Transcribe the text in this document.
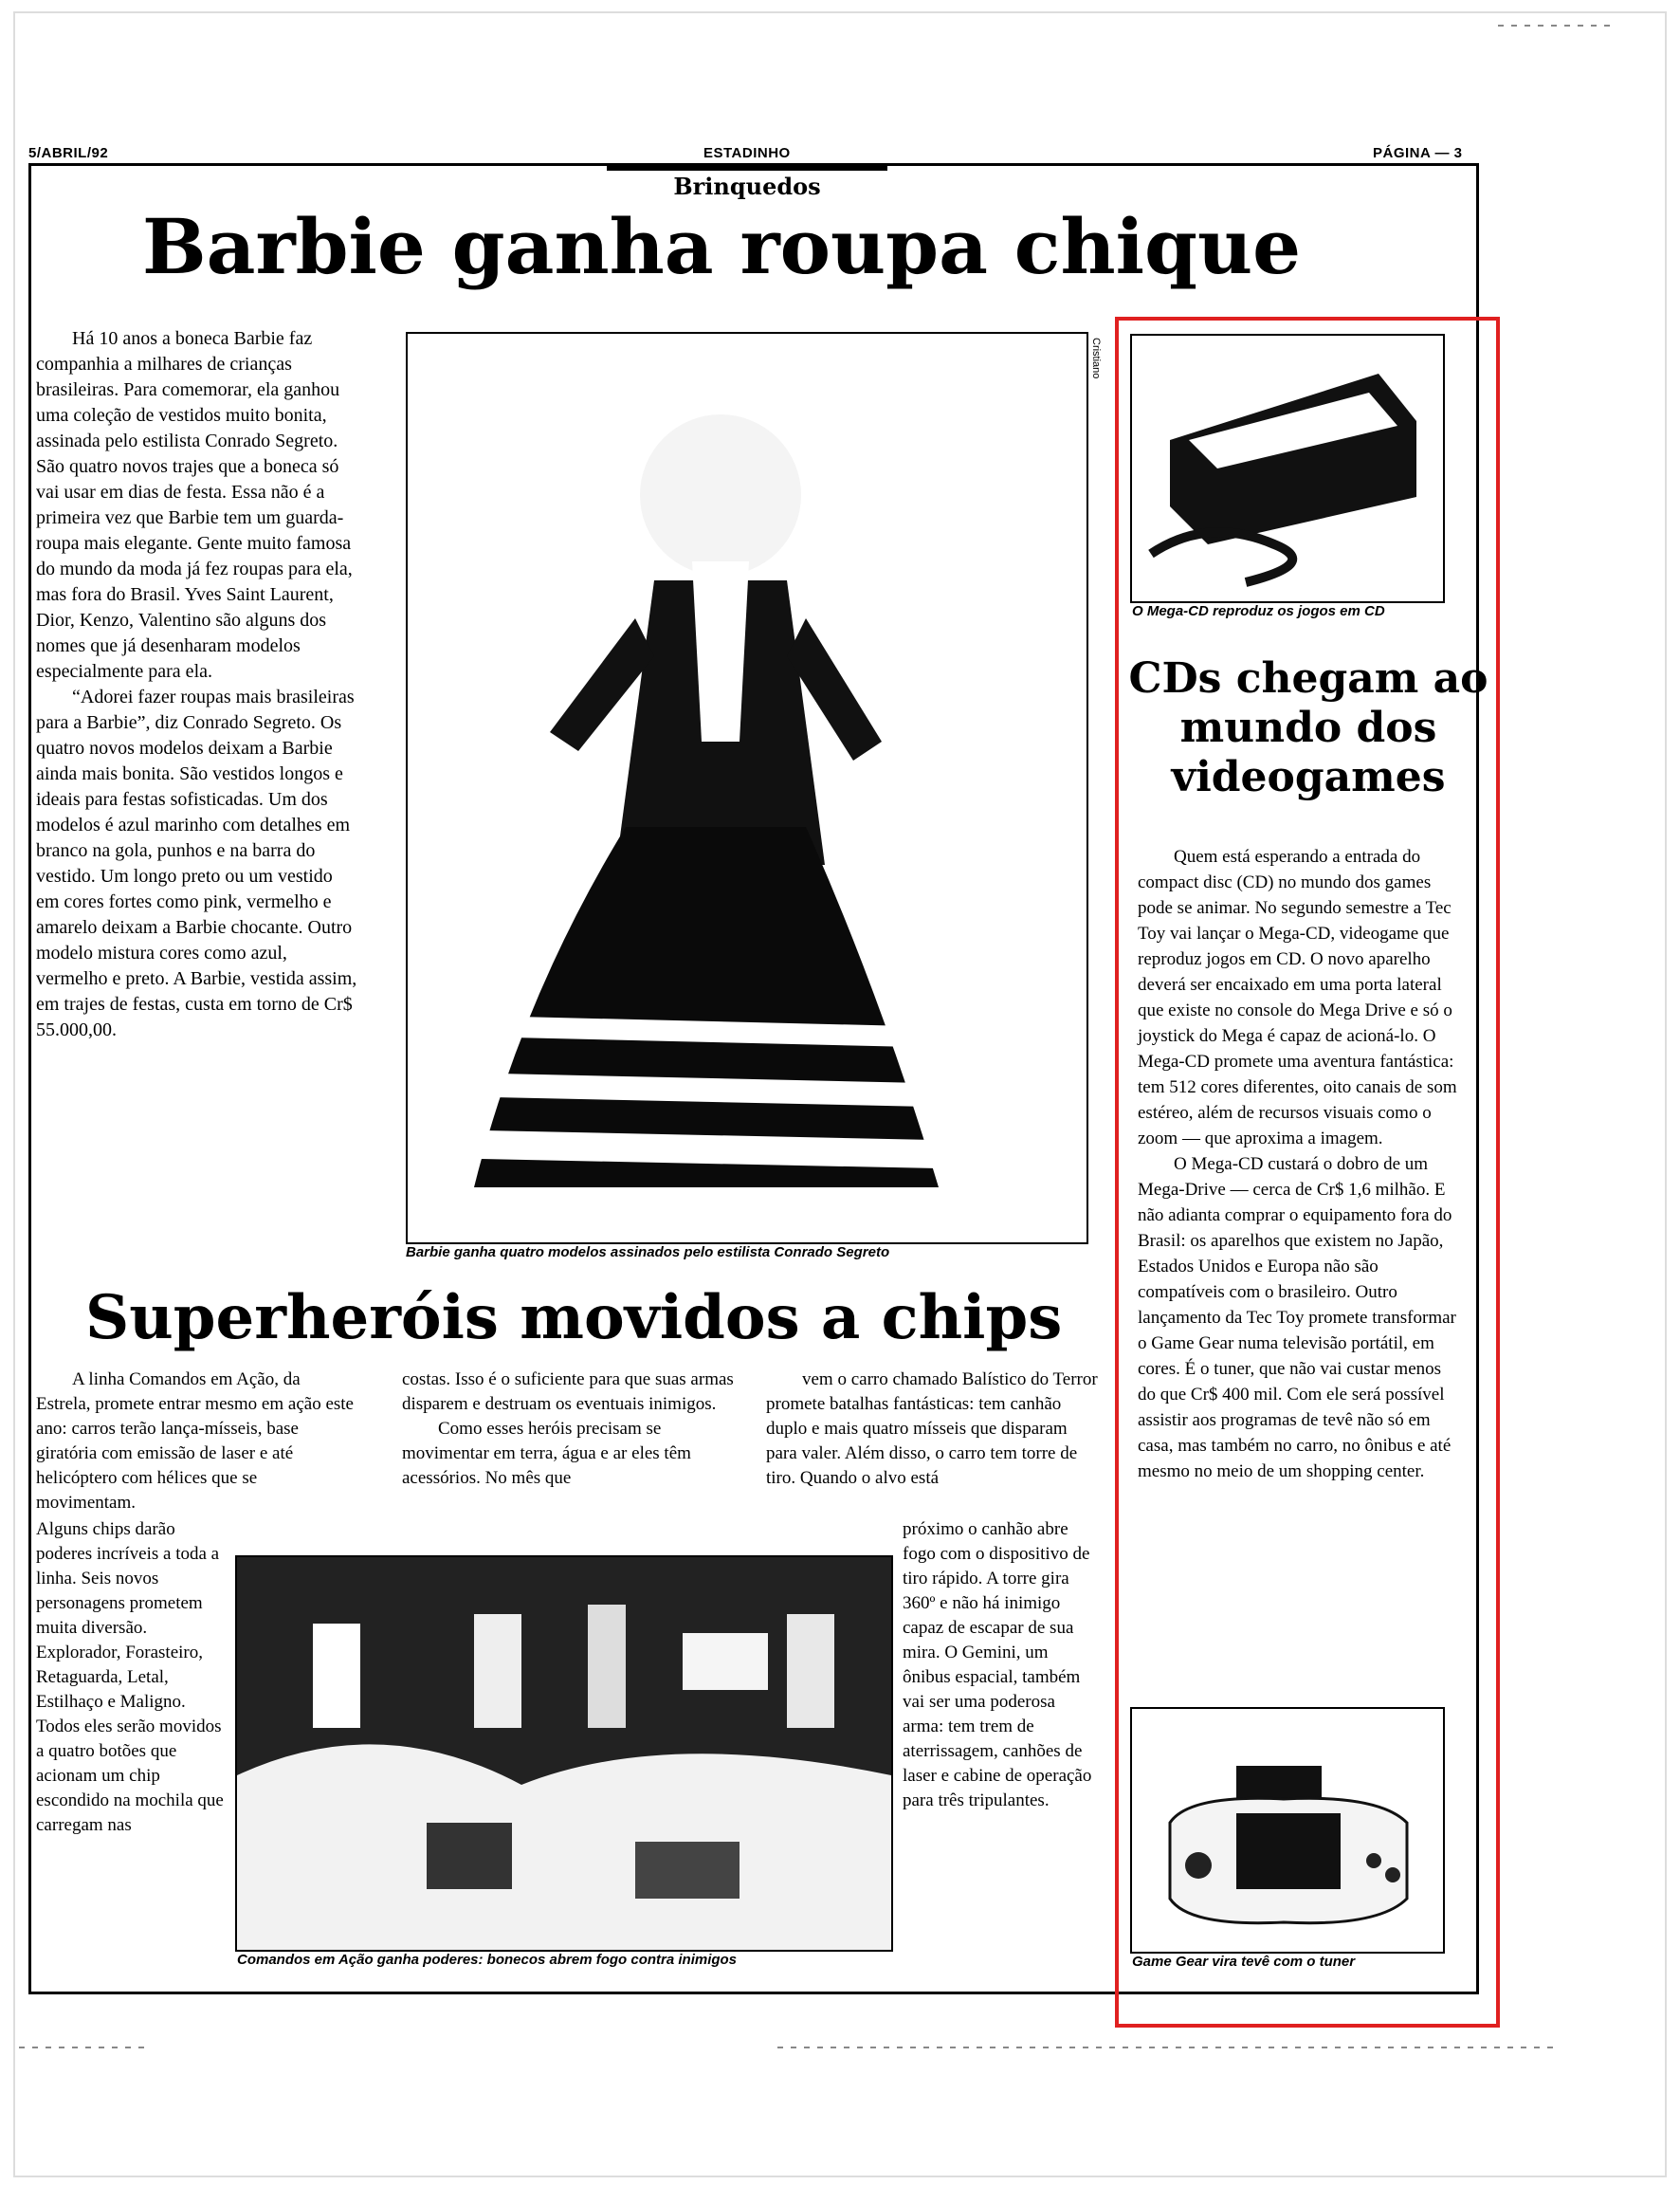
5/ABRIL/92	ESTADINHO	PÁGINA — 3
Brinquedos
Barbie ganha roupa chique

Há 10 anos a boneca Barbie faz companhia a milhares de crianças brasileiras. Para comemorar, ela ganhou uma coleção de vestidos muito bonita, assinada pelo estilista Conrado Segreto. São quatro novos trajes que a boneca só vai usar em dias de festa. Essa não é a primeira vez que Barbie tem um guarda-roupa mais elegante. Gente muito famosa do mundo da moda já fez roupas para ela, mas fora do Brasil. Yves Saint Laurent, Dior, Kenzo, Valentino são alguns dos nomes que já desenharam modelos especialmente para ela.

“Adorei fazer roupas mais brasileiras para a Barbie”, diz Conrado Segreto. Os quatro novos modelos deixam a Barbie ainda mais bonita. São vestidos longos e ideais para festas sofisticadas. Um dos modelos é azul marinho com detalhes em branco na gola, punhos e na barra do vestido. Um longo preto ou um vestido em cores fortes como pink, vermelho e amarelo deixam a Barbie chocante. Outro modelo mistura cores como azul, vermelho e preto. A Barbie, vestida assim, em trajes de festas, custa em torno de Cr$ 55.000,00.

Cristiano
Barbie ganha quatro modelos assinados pelo estilista Conrado Segreto
Superheróis movidos a chips

A linha Comandos em Ação, da Estrela, promete entrar mesmo em ação este ano: carros terão lança-mísseis, base giratória com emissão de laser e até helicóptero com hélices que se movimentam.

Alguns chips darão poderes incríveis a toda a linha. Seis novos personagens prometem muita diversão. Explorador, Forasteiro, Retaguarda, Letal, Estilhaço e Maligno. Todos eles serão movidos a quatro botões que acionam um chip escondido na mochila que carregam nas

costas. Isso é o suficiente para que suas armas disparem e destruam os eventuais inimigos.

Como esses heróis precisam se movimentar em terra, água e ar eles têm acessórios. No mês que

vem o carro chamado Balístico do Terror promete batalhas fantásticas: tem canhão duplo e mais quatro mísseis que disparam para valer. Além disso, o carro tem torre de tiro. Quando o alvo está

próximo o canhão abre fogo com o dispositivo de tiro rápido. A torre gira 360º e não há inimigo capaz de escapar de sua mira. O Gemini, um ônibus espacial, também vai ser uma poderosa arma: tem trem de aterrissagem, canhões de laser e cabine de operação para três tripulantes.

Comandos em Ação ganha poderes: bonecos abrem fogo contra inimigos
O Mega-CD reproduz os jogos em CD
CDs chegam ao mundo dos videogames

Quem está esperando a entrada do compact disc (CD) no mundo dos games pode se animar. No segundo semestre a Tec Toy vai lançar o Mega-CD, videogame que reproduz jogos em CD. O novo aparelho deverá ser encaixado em uma porta lateral que existe no console do Mega Drive e só o joystick do Mega é capaz de acioná-lo. O Mega-CD promete uma aventura fantástica: tem 512 cores diferentes, oito canais de som estéreo, além de recursos visuais como o zoom — que aproxima a imagem.

O Mega-CD custará o dobro de um Mega-Drive — cerca de Cr$ 1,6 milhão. E não adianta comprar o equipamento fora do Brasil: os aparelhos que existem no Japão, Estados Unidos e Europa não são compatíveis com o brasileiro. Outro lançamento da Tec Toy promete transformar o Game Gear numa televisão portátil, em cores. É o tuner, que não vai custar menos do que Cr$ 400 mil. Com ele será possível assistir aos programas de tevê não só em casa, mas também no carro, no ônibus e até mesmo no meio de um shopping center.

Game Gear vira tevê com o tuner
